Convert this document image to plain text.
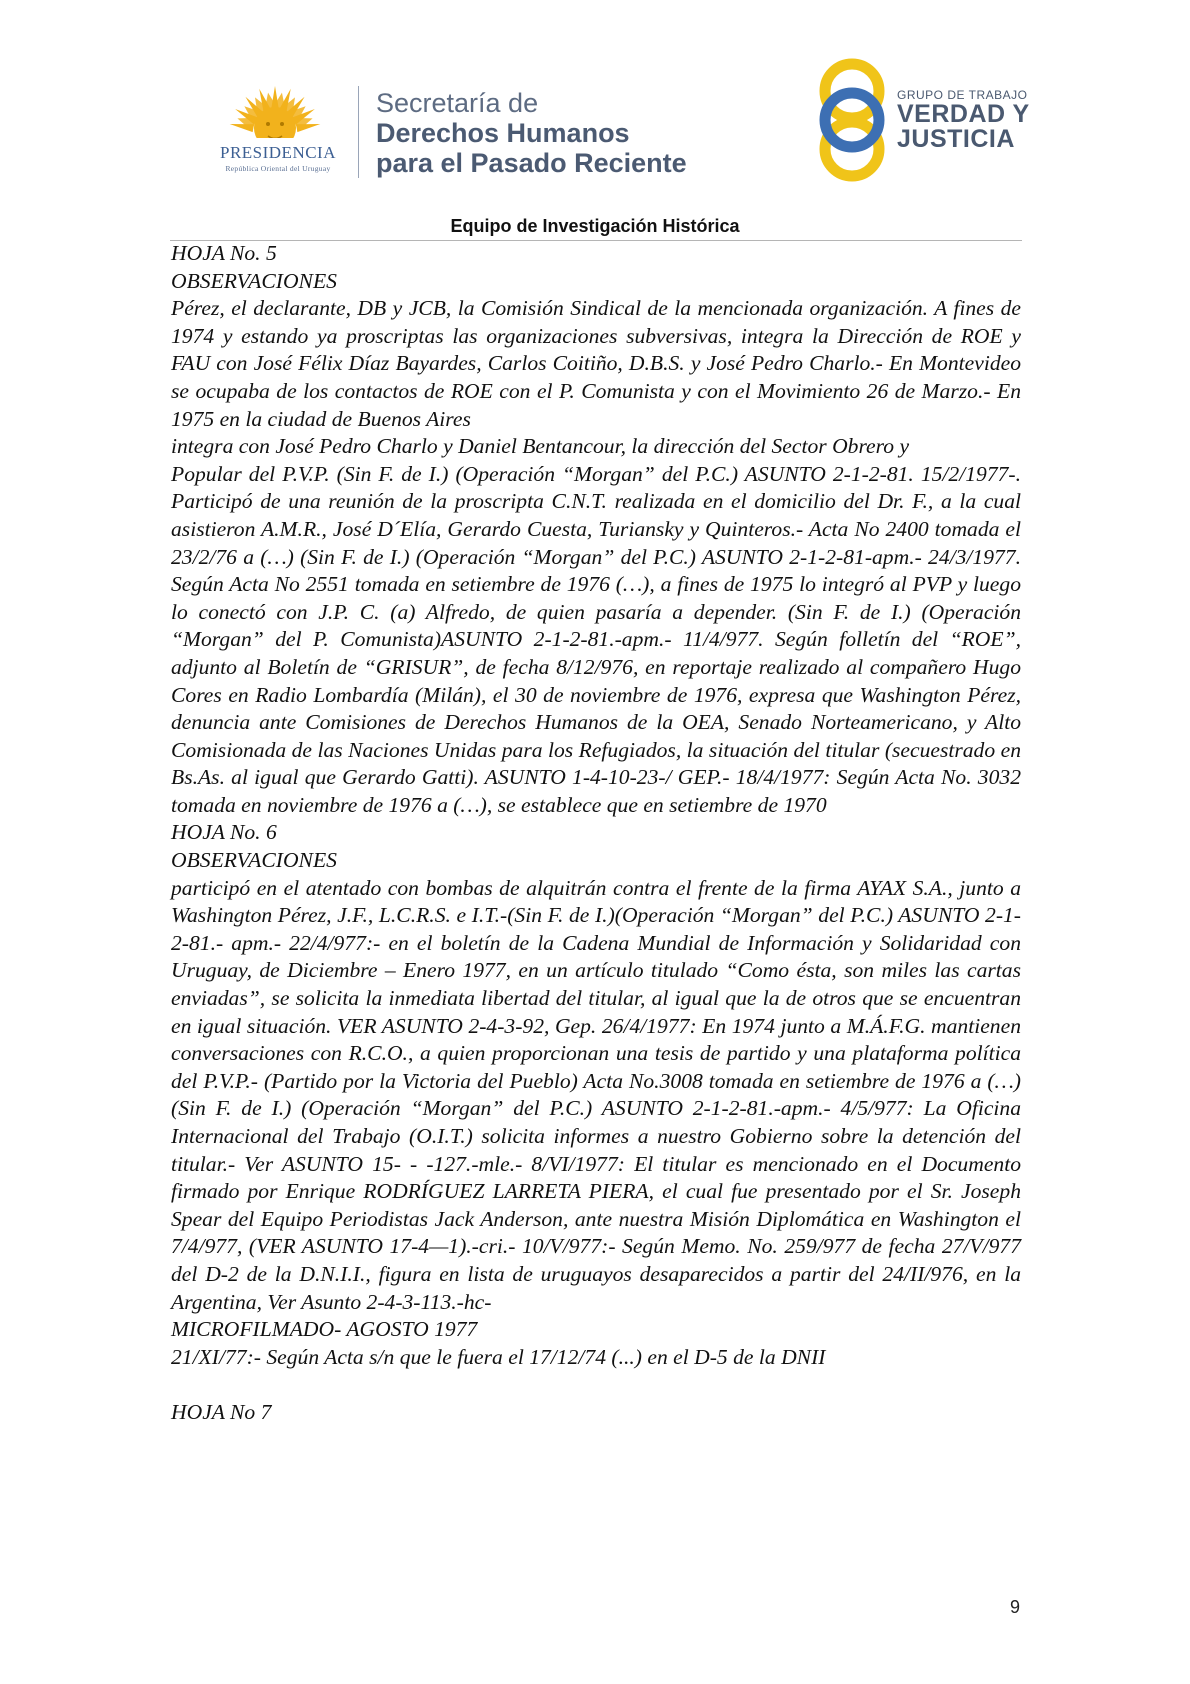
PRESIDENCIA
República Oriental del Uruguay
Secretaría de
Derechos Humanos
para el Pasado Reciente
GRUPO DE TRABAJO
VERDAD Y
JUSTICIA
Equipo de Investigación Histórica

HOJA No. 5

OBSERVACIONES

Pérez, el declarante, DB y JCB, la Comisión Sindical de la mencionada organización. A fines de 1974 y estando ya proscriptas las organizaciones subversivas, integra la Dirección de ROE y FAU con José Félix Díaz Bayardes, Carlos Coitiño, D.B.S. y José Pedro Charlo.- En Montevideo se ocupaba de los contactos de ROE con el P. Comunista y con el Movimiento 26 de Marzo.- En 1975 en la ciudad de Buenos Aires

integra con José Pedro Charlo y Daniel Bentancour, la dirección del Sector Obrero y

Popular del P.V.P. (Sin F. de I.) (Operación “Morgan” del P.C.) ASUNTO 2-1-2-81. 15/2/1977-. Participó de una reunión de la proscripta C.N.T. realizada en el domicilio del Dr. F., a la cual asistieron A.M.R., José D´Elía, Gerardo Cuesta, Turiansky y Quinteros.- Acta No 2400 tomada el 23/2/76 a (…) (Sin F. de I.) (Operación “Morgan” del P.C.) ASUNTO 2-1-2-81-apm.- 24/3/1977. Según Acta No 2551 tomada en setiembre de 1976 (…), a fines de 1975 lo integró al PVP y luego lo conectó con J.P. C. (a) Alfredo, de quien pasaría a depender. (Sin F. de I.) (Operación “Morgan” del P. Comunista)ASUNTO 2-1-2-81.-apm.- 11/4/977. Según folletín del “ROE”, adjunto al Boletín de “GRISUR”, de fecha 8/12/976, en reportaje realizado al compañero Hugo Cores en Radio Lombardía (Milán), el 30 de noviembre de 1976, expresa que Washington Pérez, denuncia ante Comisiones de Derechos Humanos de la OEA, Senado Norteamericano, y Alto Comisionada de las Naciones Unidas para los Refugiados, la situación del titular (secuestrado en Bs.As. al igual que Gerardo Gatti). ASUNTO 1-4-10-23-/ GEP.- 18/4/1977: Según Acta No. 3032 tomada en noviembre de 1976 a (…), se establece que en setiembre de 1970

HOJA No. 6

OBSERVACIONES

participó en el atentado con bombas de alquitrán contra el frente de la firma AYAX S.A., junto a Washington Pérez, J.F., L.C.R.S. e I.T.-(Sin F. de I.)(Operación “Morgan” del P.C.) ASUNTO 2-1-2-81.- apm.- 22/4/977:- en el boletín de la Cadena Mundial de Información y Solidaridad con Uruguay, de Diciembre – Enero 1977, en un artículo titulado “Como ésta, son miles las cartas enviadas”, se solicita la inmediata libertad del titular, al igual que la de otros que se encuentran en igual situación. VER ASUNTO 2-4-3-92, Gep. 26/4/1977: En 1974 junto a M.Á.F.G. mantienen conversaciones con R.C.O., a quien proporcionan una tesis de partido y una plataforma política del P.V.P.- (Partido por la Victoria del Pueblo) Acta No.3008 tomada en setiembre de 1976 a (…) (Sin F. de I.) (Operación “Morgan” del P.C.) ASUNTO 2-1-2-81.-apm.- 4/5/977: La Oficina Internacional del Trabajo (O.I.T.) solicita informes a nuestro Gobierno sobre la detención del titular.- Ver ASUNTO 15- - -127.-mle.- 8/VI/1977: El titular es mencionado en el Documento firmado por Enrique RODRÍGUEZ LARRETA PIERA, el cual fue presentado por el Sr. Joseph Spear del Equipo Periodistas Jack Anderson, ante nuestra Misión Diplomática en Washington el 7/4/977, (VER ASUNTO 17-4—1).-cri.- 10/V/977:- Según Memo. No. 259/977 de fecha 27/V/977 del D-2 de la D.N.I.I., figura en lista de uruguayos desaparecidos a partir del 24/II/976, en la Argentina, Ver Asunto 2-4-3-113.-hc-

MICROFILMADO- AGOSTO 1977

21/XI/77:- Según Acta s/n que le fuera el 17/12/74 (...) en el D-5 de la DNII

HOJA No 7

9
